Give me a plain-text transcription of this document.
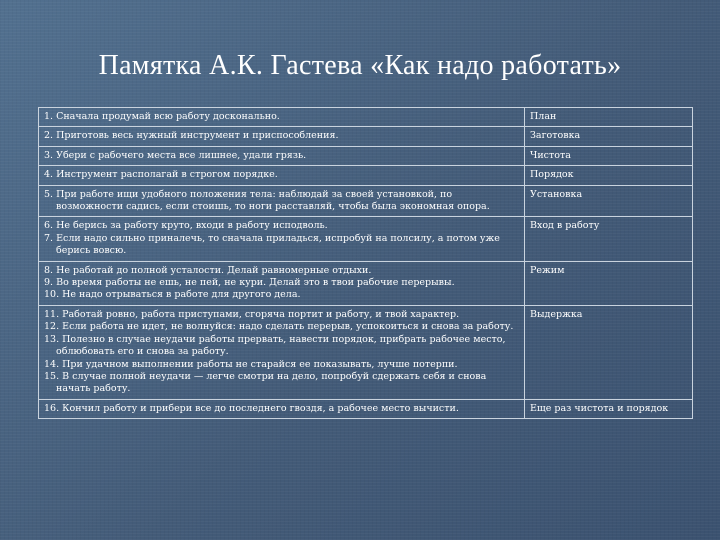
Памятка А.К. Гастева «Как надо работать»
1. Сначала продумай всю работу досконально.	План

2. Приготовь весь нужный инструмент и приспособления.	Заготовка

3. Убери с рабочего места все лишнее, удали грязь.	Чистота

4. Инструмент располагай в строгом порядке.	Порядок

5. При работе ищи удобного положения тела: наблюдай за своей установкой, по возможности садись, если стоишь, то ноги расставляй, чтобы была экономная опора.	Установка

6. Не берись за работу круто, входи в работу исподволь.
7. Если надо сильно приналечь, то сначала приладься, испробуй на полсилу, а потом уже берись вовсю.	Вход в работу

8. Не работай до полной усталости. Делай равномерные отдыхи.
9. Во время работы не ешь, не пей, не кури. Делай это в твои рабочие перерывы.
10. Не надо отрываться в работе для другого дела.	Режим

11. Работай ровно, работа приступами, сгоряча портит и работу, и твой характер.
12. Если работа не идет, не волнуйся: надо сделать перерыв, успокоиться и снова за работу.
13. Полезно в случае неудачи работы прервать, навести порядок, прибрать рабочее место, облюбовать его и снова за работу.
14. При удачном выполнении работы не старайся ее показывать, лучше потерпи.
15. В случае полной неудачи — легче смотри на дело, попробуй сдержать себя и снова начать работу.	Выдержка

16. Кончил работу и прибери все до последнего гвоздя, а рабочее место вычисти.	Еще раз чистота и порядок
